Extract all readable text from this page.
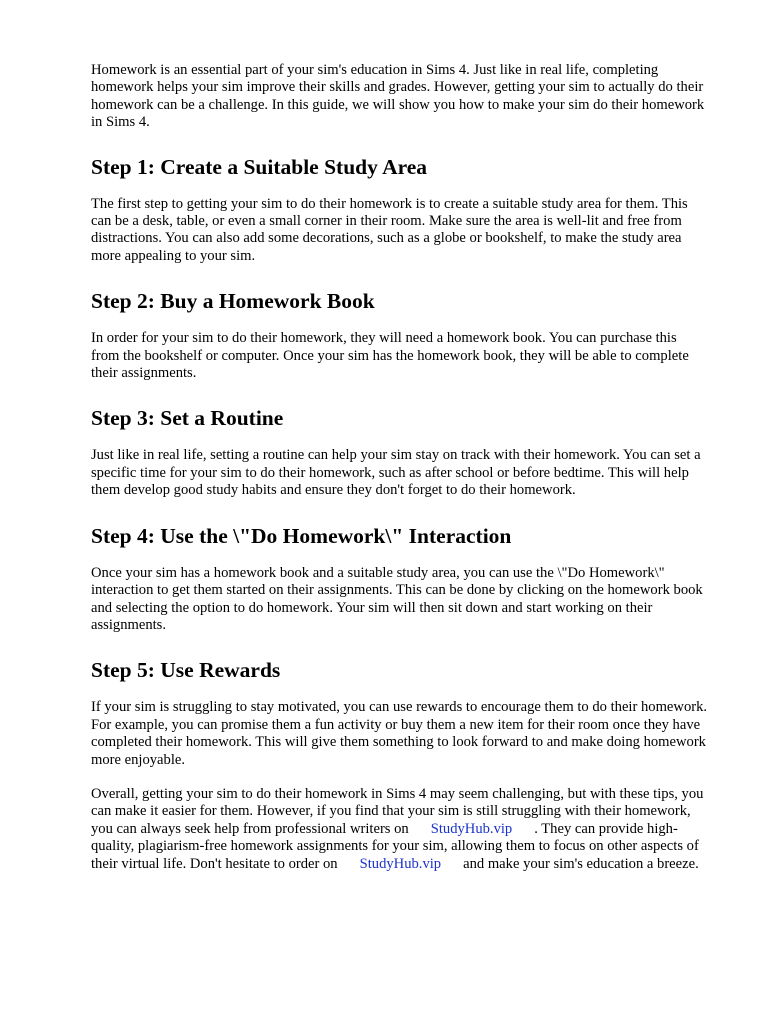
Homework is an essential part of your sim's education in Sims 4. Just like in real life, completing homework helps your sim improve their skills and grades. However, getting your sim to actually do their homework can be a challenge. In this guide, we will show you how to make your sim do their homework in Sims 4.

Step 1: Create a Suitable Study Area

The first step to getting your sim to do their homework is to create a suitable study area for them. This can be a desk, table, or even a small corner in their room. Make sure the area is well-lit and free from distractions. You can also add some decorations, such as a globe or bookshelf, to make the study area more appealing to your sim.

Step 2: Buy a Homework Book

In order for your sim to do their homework, they will need a homework book. You can purchase this from the bookshelf or computer. Once your sim has the homework book, they will be able to complete their assignments.

Step 3: Set a Routine

Just like in real life, setting a routine can help your sim stay on track with their homework. You can set a specific time for your sim to do their homework, such as after school or before bedtime. This will help them develop good study habits and ensure they don't forget to do their homework.

Step 4: Use the \"Do Homework\" Interaction

Once your sim has a homework book and a suitable study area, you can use the \"Do Homework\" interaction to get them started on their assignments. This can be done by clicking on the homework book and selecting the option to do homework. Your sim will then sit down and start working on their assignments.

Step 5: Use Rewards

If your sim is struggling to stay motivated, you can use rewards to encourage them to do their homework. For example, you can promise them a fun activity or buy them a new item for their room once they have completed their homework. This will give them something to look forward to and make doing homework more enjoyable.

Overall, getting your sim to do their homework in Sims 4 may seem challenging, but with these tips, you can make it easier for them. However, if you find that your sim is still struggling with their homework, you can always seek help from professional writers on StudyHub.vip . They can provide high-quality, plagiarism-free homework assignments for your sim, allowing them to focus on other aspects of their virtual life. Don't hesitate to order on StudyHub.vip and make your sim's education a breeze.
